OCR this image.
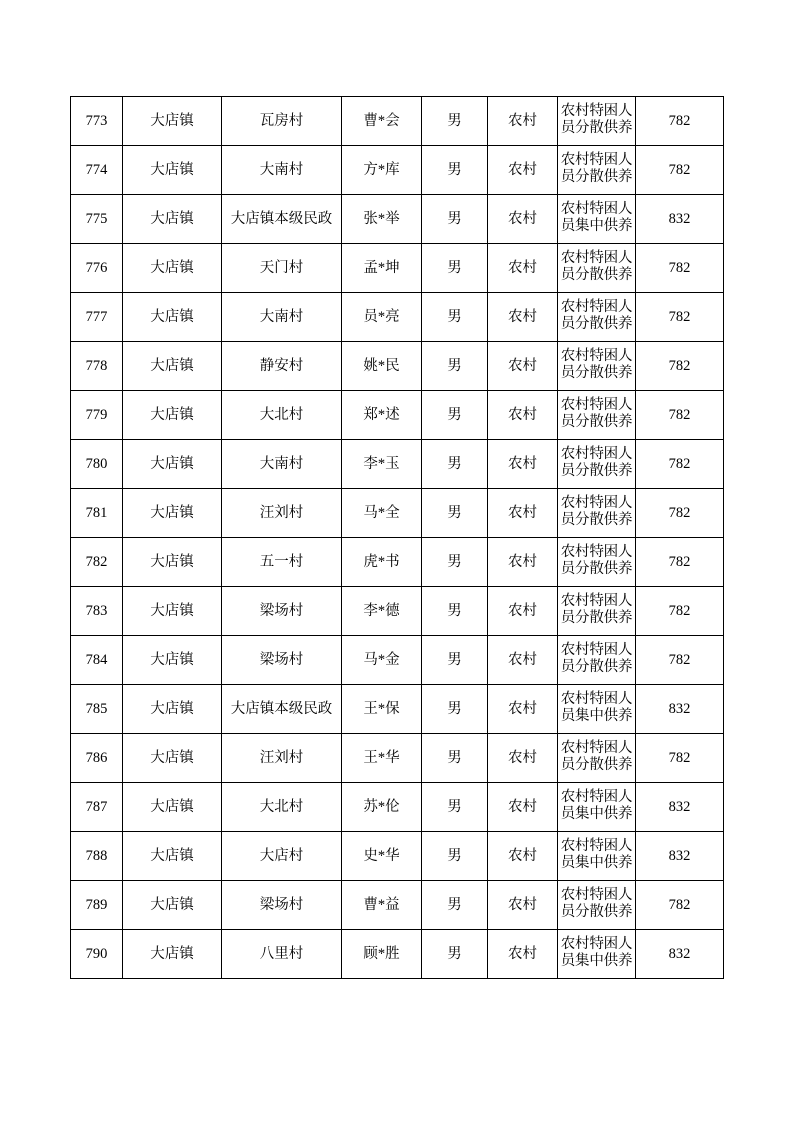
773	大店镇	瓦房村	曹*会	男	农村	农村特困人员分散供养	782
774	大店镇	大南村	方*库	男	农村	农村特困人员分散供养	782
775	大店镇	大店镇本级民政	张*举	男	农村	农村特困人员集中供养	832
776	大店镇	天门村	孟*坤	男	农村	农村特困人员分散供养	782
777	大店镇	大南村	员*亮	男	农村	农村特困人员分散供养	782
778	大店镇	静安村	姚*民	男	农村	农村特困人员分散供养	782
779	大店镇	大北村	郑*述	男	农村	农村特困人员分散供养	782
780	大店镇	大南村	李*玉	男	农村	农村特困人员分散供养	782
781	大店镇	汪刘村	马*全	男	农村	农村特困人员分散供养	782
782	大店镇	五一村	虎*书	男	农村	农村特困人员分散供养	782
783	大店镇	梁场村	李*德	男	农村	农村特困人员分散供养	782
784	大店镇	梁场村	马*金	男	农村	农村特困人员分散供养	782
785	大店镇	大店镇本级民政	王*保	男	农村	农村特困人员集中供养	832
786	大店镇	汪刘村	王*华	男	农村	农村特困人员分散供养	782
787	大店镇	大北村	苏*伦	男	农村	农村特困人员集中供养	832
788	大店镇	大店村	史*华	男	农村	农村特困人员集中供养	832
789	大店镇	梁场村	曹*益	男	农村	农村特困人员分散供养	782
790	大店镇	八里村	顾*胜	男	农村	农村特困人员集中供养	832
